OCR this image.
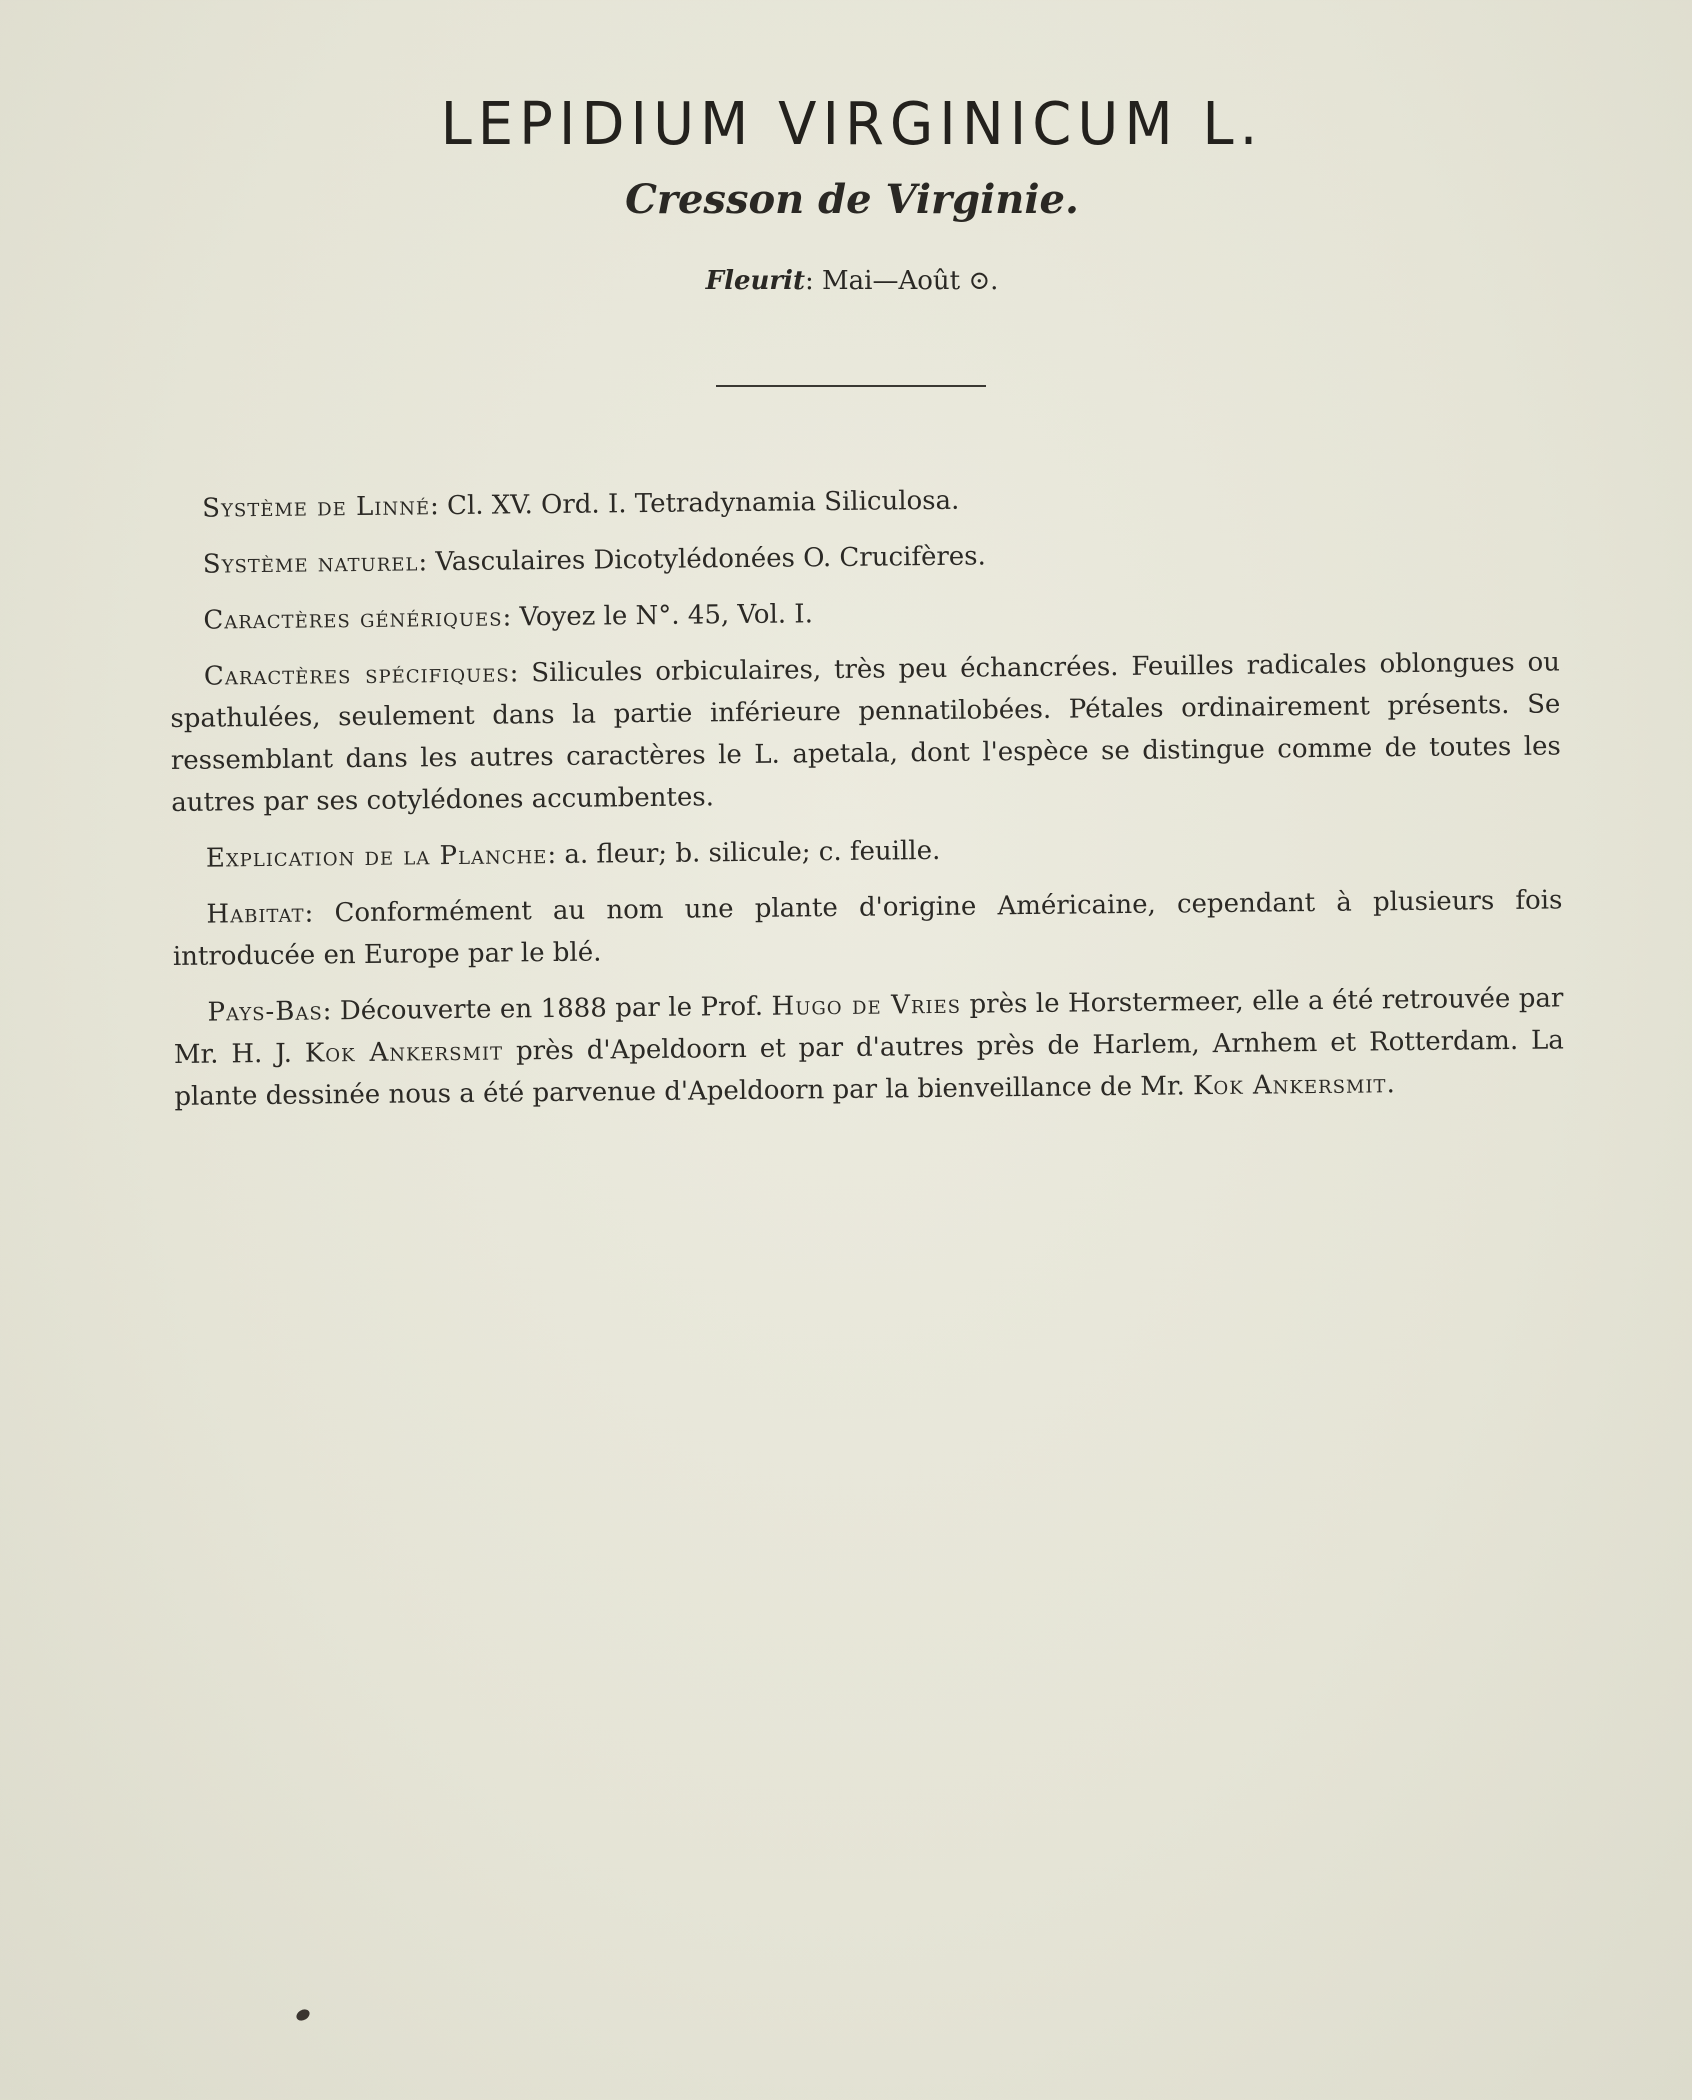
LEPIDIUM VIRGINICUM L.
Cresson de Virginie.
Fleurit: Mai—Août ⊙.

Système de Linné: Cl. XV. Ord. I. Tetradynamia Siliculosa.

Système naturel: Vasculaires Dicotylédonées O. Crucifères.

Caractères génériques: Voyez le N°. 45, Vol. I.

Caractères spécifiques: Silicules orbiculaires, très peu échancrées. Feuilles radicales oblongues ou spathulées, seulement dans la partie inférieure pennatilobées. Pétales ordinairement présents. Se ressemblant dans les autres caractères le L. apetala, dont l'espèce se distingue comme de toutes les autres par ses cotylédones accumbentes.

Explication de la Planche: a. fleur; b. silicule; c. feuille.

Habitat: Conformément au nom une plante d'origine Américaine, cependant à plusieurs fois introducée en Europe par le blé.

Pays-Bas: Découverte en 1888 par le Prof. Hugo de Vries près le Horstermeer, elle a été retrouvée par Mr. H. J. Kok Ankersmit près d'Apeldoorn et par d'autres près de Harlem, Arnhem et Rotterdam. La plante dessinée nous a été parvenue d'Apeldoorn par la bienveillance de Mr. Kok Ankersmit.
